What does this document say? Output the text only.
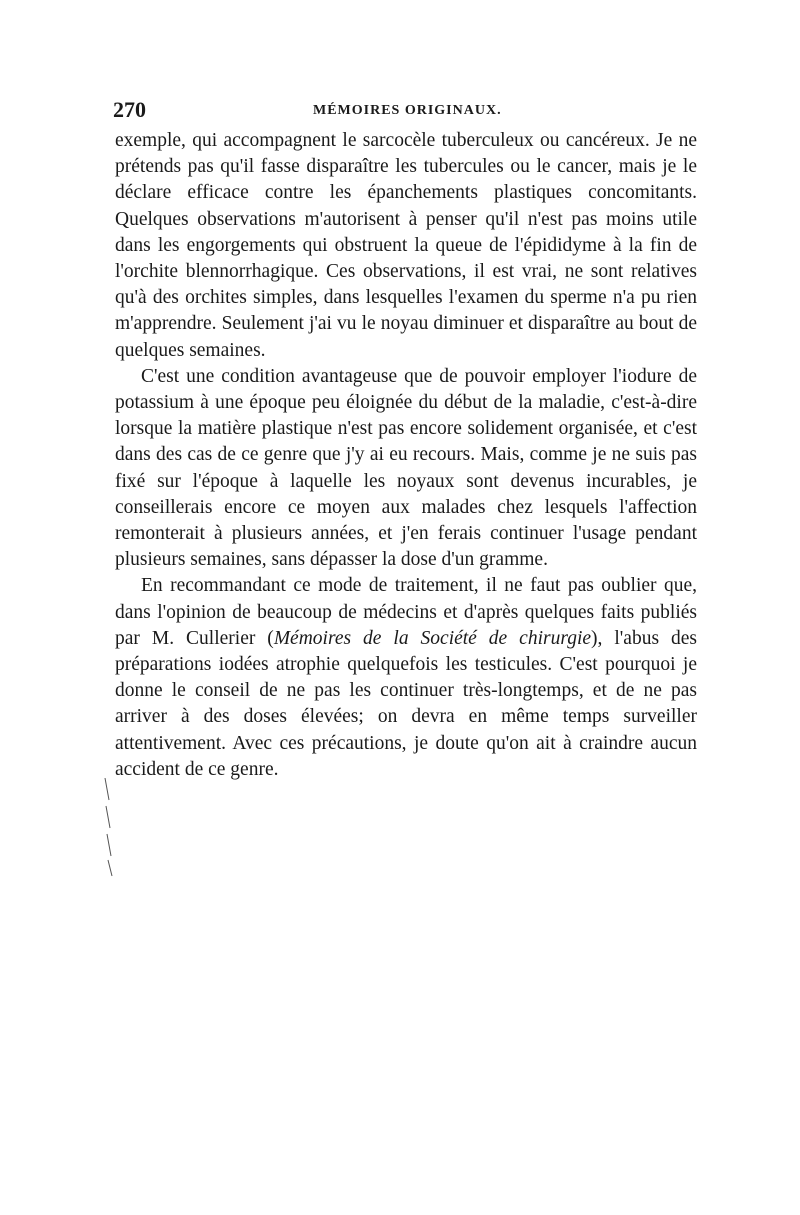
270	MÉMOIRES ORIGINAUX.

exemple, qui accompagnent le sarcocèle tuberculeux ou cancéreux. Je ne prétends pas qu'il fasse disparaître les tubercules ou le cancer, mais je le déclare efficace contre les épanchements plastiques concomitants. Quelques observations m'autorisent à penser qu'il n'est pas moins utile dans les engorgements qui obstruent la queue de l'épididyme à la fin de l'orchite blennorrhagique. Ces observations, il est vrai, ne sont relatives qu'à des orchites simples, dans lesquelles l'examen du sperme n'a pu rien m'apprendre. Seulement j'ai vu le noyau diminuer et disparaître au bout de quelques semaines.

C'est une condition avantageuse que de pouvoir employer l'iodure de potassium à une époque peu éloignée du début de la maladie, c'est-à-dire lorsque la matière plastique n'est pas encore solidement organisée, et c'est dans des cas de ce genre que j'y ai eu recours. Mais, comme je ne suis pas fixé sur l'époque à laquelle les noyaux sont devenus incurables, je conseillerais encore ce moyen aux malades chez lesquels l'affection remonterait à plusieurs années, et j'en ferais continuer l'usage pendant plusieurs semaines, sans dépasser la dose d'un gramme.

En recommandant ce mode de traitement, il ne faut pas oublier que, dans l'opinion de beaucoup de médecins et d'après quelques faits publiés par M. Cullerier (Mémoires de la Société de chirurgie), l'abus des préparations iodées atrophie quelquefois les testicules. C'est pourquoi je donne le conseil de ne pas les continuer très-longtemps, et de ne pas arriver à des doses élevées; on devra en même temps surveiller attentivement. Avec ces précautions, je doute qu'on ait à craindre aucun accident de ce genre.
